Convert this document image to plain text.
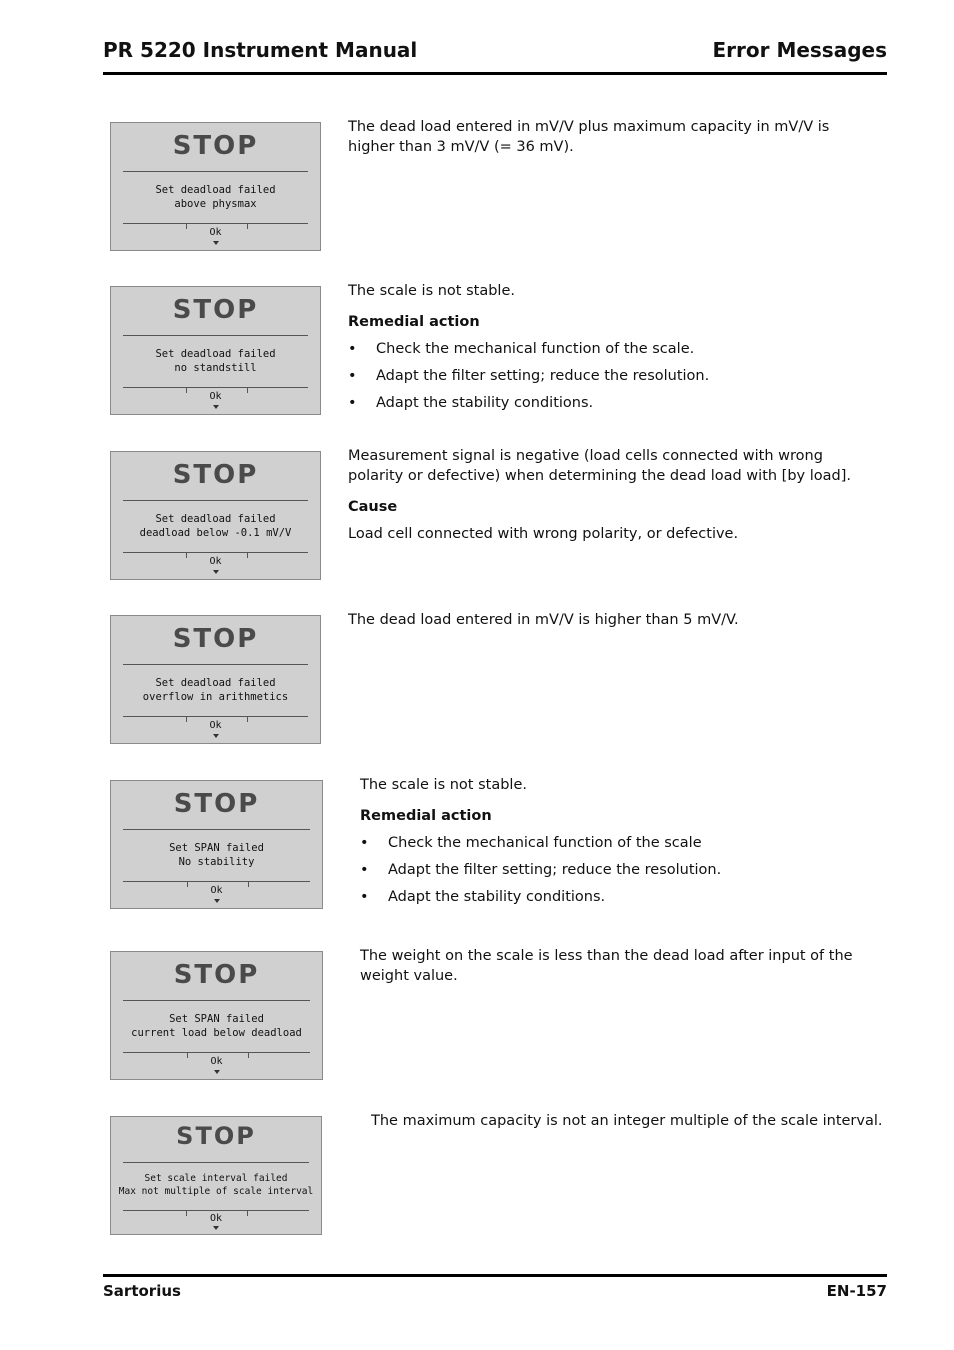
PR 5220 Instrument Manual	Error Messages
STOP
Set deadload failed
above physmax
Ok

The dead load entered in mV/V plus maximum capacity in mV/V is higher than 3 mV/V (= 36 mV).

STOP
Set deadload failed
no standstill
Ok

The scale is not stable.

Remedial action

• Check the mechanical function of the scale.
• Adapt the filter setting; reduce the resolution.
• Adapt the stability conditions.
STOP
Set deadload failed
deadload below -0.1 mV/V
Ok

Measurement signal is negative (load cells connected with wrong polarity or defective) when determining the dead load with [by load].

Cause

Load cell connected with wrong polarity, or defective.

STOP
Set deadload failed
overflow in arithmetics
Ok

The dead load entered in mV/V is higher than 5 mV/V.

STOP
Set SPAN failed
No stability
Ok

The scale is not stable.

Remedial action

• Check the mechanical function of the scale
• Adapt the filter setting; reduce the resolution.
• Adapt the stability conditions.
STOP
Set SPAN failed
current load below deadload
Ok

The weight on the scale is less than the dead load after input of the weight value.

STOP
Set scale interval failed
Max not multiple of scale interval
Ok

The maximum capacity is not an integer multiple of the scale interval.

Sartorius	EN-157
